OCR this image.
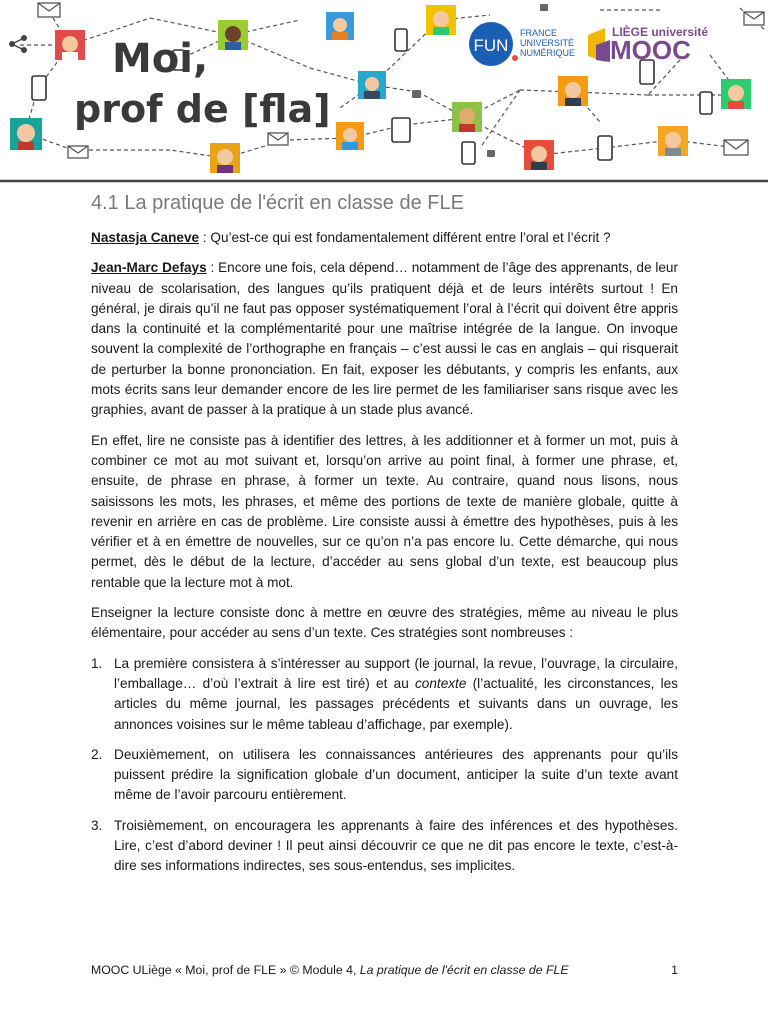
Moi,
prof de [fla]
FUN
FRANCE UNIVERSITÉ NUMÉRIQUE
LIÈGE université
MOOC
4.1 La pratique de l'écrit en classe de FLE

Nastasja Caneve : Qu’est-ce qui est fondamentalement différent entre l’oral et l’écrit ?

Jean-Marc Defays : Encore une fois, cela dépend… notamment de l’âge des apprenants, de leur niveau de scolarisation, des langues qu’ils pratiquent déjà et de leurs intérêts surtout ! En général, je dirais qu’il ne faut pas opposer systématiquement l’oral à l’écrit qui doivent être appris dans la continuité et la complémentarité pour une maîtrise intégrée de la langue. On invoque souvent la complexité de l’orthographe en français – c’est aussi le cas en anglais – qui risquerait de perturber la bonne prononciation. En fait, exposer les débutants, y compris les enfants, aux mots écrits sans leur demander encore de les lire permet de les familiariser sans risque avec les graphies, avant de passer à la pratique à un stade plus avancé.

En effet, lire ne consiste pas à identifier des lettres, à les additionner et à former un mot, puis à combiner ce mot au mot suivant et, lorsqu’on arrive au point final, à former une phrase, et, ensuite, de phrase en phrase, à former un texte. Au contraire, quand nous lisons, nous saisissons les mots, les phrases, et même des portions de texte de manière globale, quitte à revenir en arrière en cas de problème. Lire consiste aussi à émettre des hypothèses, puis à les vérifier et à en émettre de nouvelles, sur ce qu’on n’a pas encore lu. Cette démarche, qui nous permet, dès le début de la lecture, d’accéder au sens global d’un texte, est beaucoup plus rentable que la lecture mot à mot.

Enseigner la lecture consiste donc à mettre en œuvre des stratégies, même au niveau le plus élémentaire, pour accéder au sens d’un texte. Ces stratégies sont nombreuses :

1. La première consistera à s’intéresser au support (le journal, la revue, l’ouvrage, la circulaire, l’emballage… d’où l’extrait à lire est tiré) et au contexte (l’actualité, les circonstances, les articles du même journal, les passages précédents et suivants dans un ouvrage, les annonces voisines sur le même tableau d’affichage, par exemple).
2. Deuxièmement, on utilisera les connaissances antérieures des apprenants pour qu’ils puissent prédire la signification globale d’un document, anticiper la suite d’un texte avant même de l’avoir parcouru entièrement.
3. Troisièmement, on encouragera les apprenants à faire des inférences et des hypothèses. Lire, c’est d’abord deviner ! Il peut ainsi découvrir ce que ne dit pas encore le texte, c’est-à-dire ses informations indirectes, ses sous-entendus, ses implicites.
MOOC ULiège « Moi, prof de FLE » © Module 4, La pratique de l'écrit en classe de FLE	1
